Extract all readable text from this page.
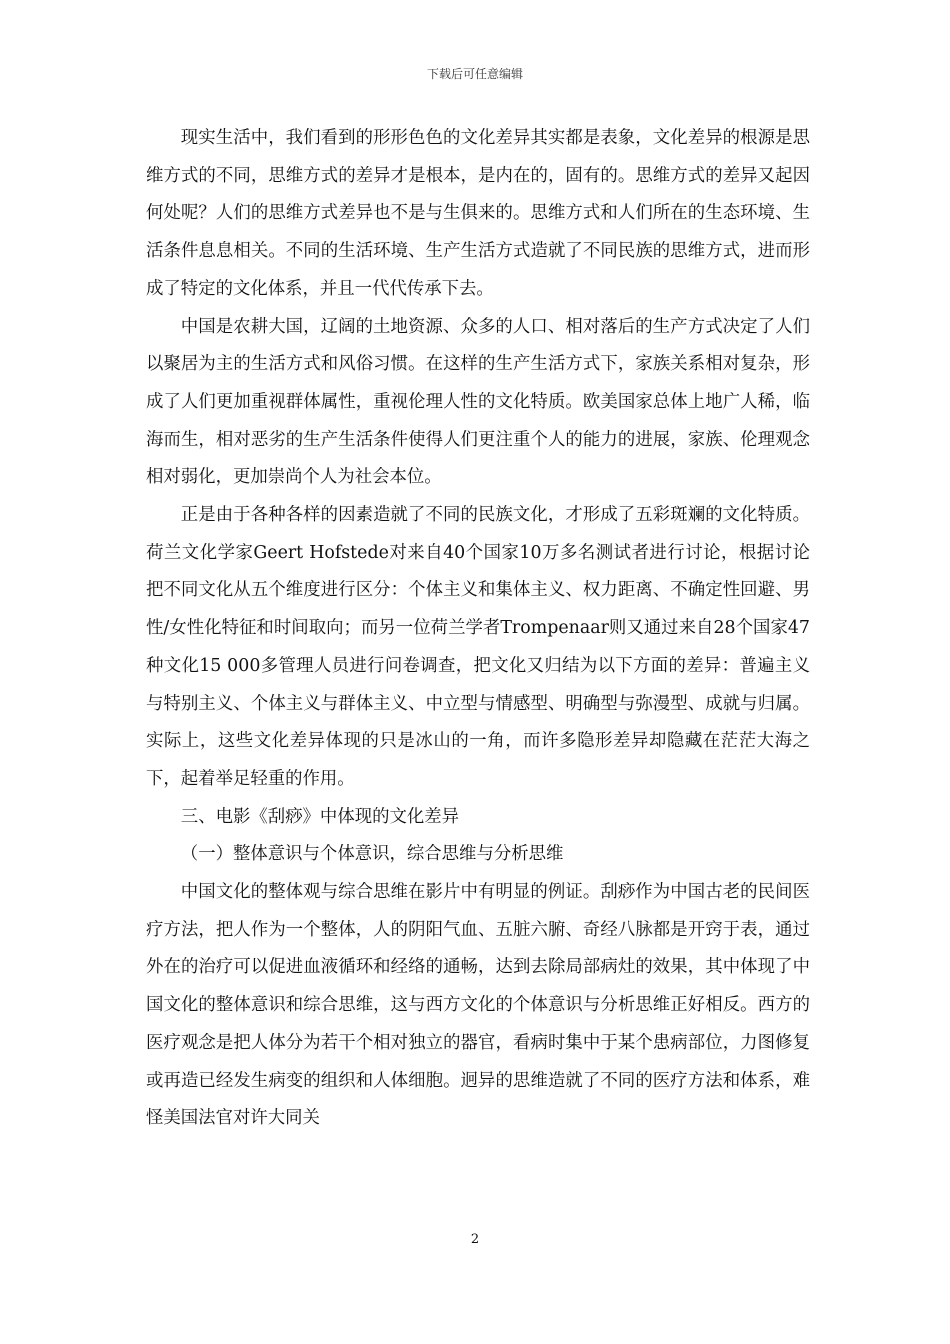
下载后可任意编辑

现实生活中，我们看到的形形色色的文化差异其实都是表象，文化差异的根源是思维方式的不同，思维方式的差异才是根本，是内在的，固有的。思维方式的差异又起因何处呢？人们的思维方式差异也不是与生俱来的。思维方式和人们所在的生态环境、生活条件息息相关。不同的生活环境、生产生活方式造就了不同民族的思维方式，进而形成了特定的文化体系，并且一代代传承下去。

中国是农耕大国，辽阔的土地资源、众多的人口、相对落后的生产方式决定了人们以聚居为主的生活方式和风俗习惯。在这样的生产生活方式下，家族关系相对复杂，形成了人们更加重视群体属性，重视伦理人性的文化特质。欧美国家总体上地广人稀，临海而生，相对恶劣的生产生活条件使得人们更注重个人的能力的进展，家族、伦理观念相对弱化，更加崇尚个人为社会本位。

正是由于各种各样的因素造就了不同的民族文化，才形成了五彩斑斓的文化特质。荷兰文化学家Geert Hofstede对来自40个国家10万多名测试者进行讨论，根据讨论把不同文化从五个维度进行区分：个体主义和集体主义、权力距离、不确定性回避、男性/女性化特征和时间取向；而另一位荷兰学者Trompenaar则又通过来自28个国家47种文化15 000多管理人员进行问卷调查，把文化又归结为以下方面的差异：普遍主义与特别主义、个体主义与群体主义、中立型与情感型、明确型与弥漫型、成就与归属。实际上，这些文化差异体现的只是冰山的一角，而许多隐形差异却隐藏在茫茫大海之下，起着举足轻重的作用。

三、电影《刮痧》中体现的文化差异

（一）整体意识与个体意识，综合思维与分析思维

中国文化的整体观与综合思维在影片中有明显的例证。刮痧作为中国古老的民间医疗方法，把人作为一个整体，人的阴阳气血、五脏六腑、奇经八脉都是开窍于表，通过外在的治疗可以促进血液循环和经络的通畅，达到去除局部病灶的效果，其中体现了中国文化的整体意识和综合思维，这与西方文化的个体意识与分析思维正好相反。西方的医疗观念是把人体分为若干个相对独立的器官，看病时集中于某个患病部位，力图修复或再造已经发生病变的组织和人体细胞。迥异的思维造就了不同的医疗方法和体系，难怪美国法官对许大同关

2
